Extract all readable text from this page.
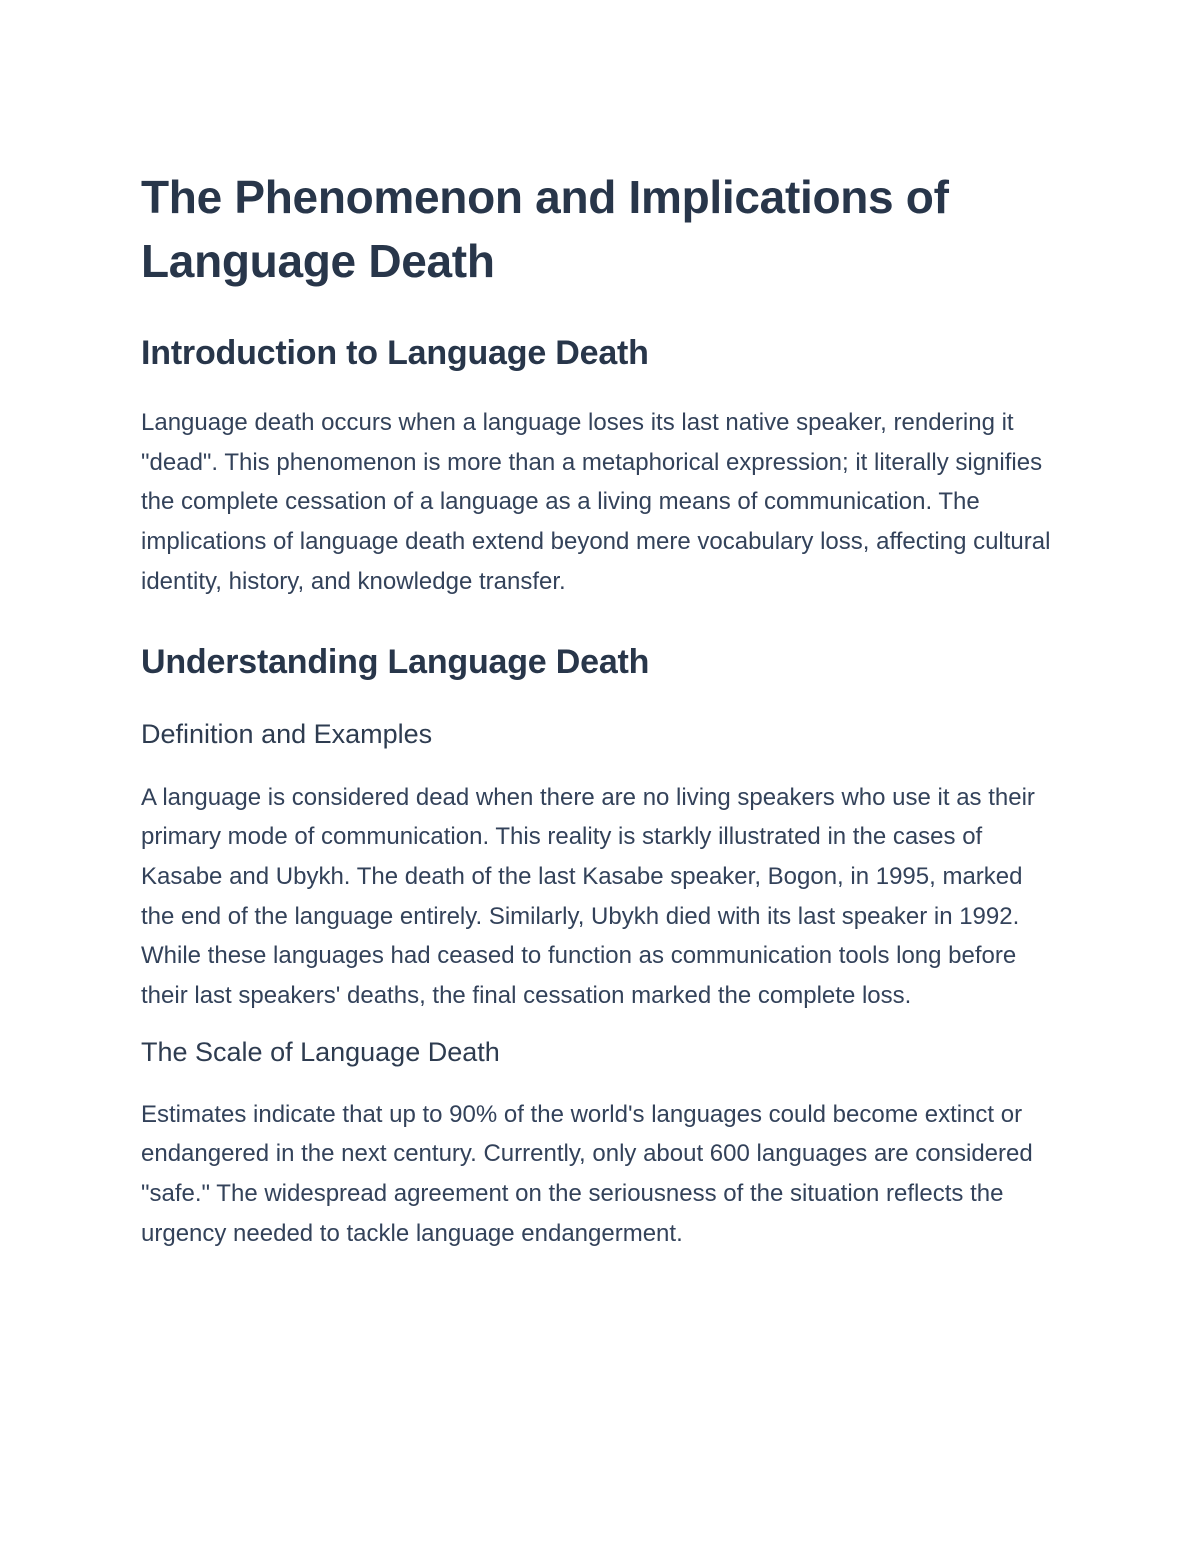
The Phenomenon and Implications of Language Death
Introduction to Language Death

Language death occurs when a language loses its last native speaker, rendering it "dead". This phenomenon is more than a metaphorical expression; it literally signifies the complete cessation of a language as a living means of communication. The implications of language death extend beyond mere vocabulary loss, affecting cultural identity, history, and knowledge transfer.

Understanding Language Death
Definition and Examples

A language is considered dead when there are no living speakers who use it as their primary mode of communication. This reality is starkly illustrated in the cases of Kasabe and Ubykh. The death of the last Kasabe speaker, Bogon, in 1995, marked the end of the language entirely. Similarly, Ubykh died with its last speaker in 1992. While these languages had ceased to function as communication tools long before their last speakers' deaths, the final cessation marked the complete loss.

The Scale of Language Death

Estimates indicate that up to 90% of the world's languages could become extinct or endangered in the next century. Currently, only about 600 languages are considered "safe." The widespread agreement on the seriousness of the situation reflects the urgency needed to tackle language endangerment.
